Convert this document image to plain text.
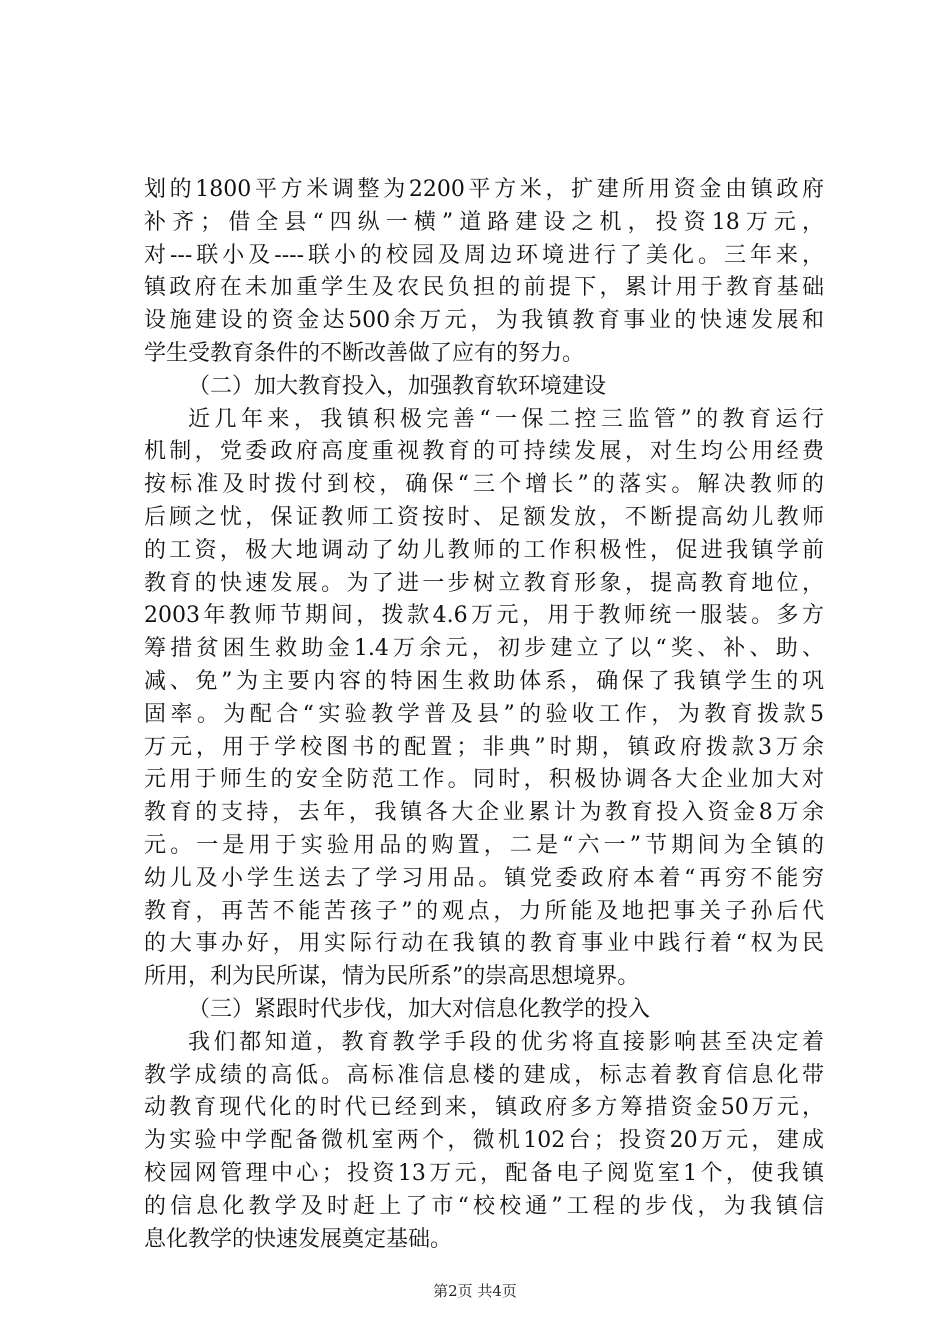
划的1800平方米调整为2200平方米，扩建所用资金由镇政府
补齐；借全县“四纵一横”道路建设之机，投资18万元，
对---联小及----联小的校园及周边环境进行了美化。三年来，
镇政府在未加重学生及农民负担的前提下，累计用于教育基础
设施建设的资金达500余万元，为我镇教育事业的快速发展和
学生受教育条件的不断改善做了应有的努力。
（二）加大教育投入，加强教育软环境建设
近几年来，我镇积极完善“一保二控三监管”的教育运行
机制，党委政府高度重视教育的可持续发展，对生均公用经费
按标准及时拨付到校，确保“三个增长”的落实。解决教师的
后顾之忧，保证教师工资按时、足额发放，不断提高幼儿教师
的工资，极大地调动了幼儿教师的工作积极性，促进我镇学前
教育的快速发展。为了进一步树立教育形象，提高教育地位，
2003年教师节期间，拨款4.6万元，用于教师统一服装。多方
筹措贫困生救助金1.4万余元，初步建立了以“奖、补、助、
减、免”为主要内容的特困生救助体系，确保了我镇学生的巩
固率。为配合“实验教学普及县”的验收工作，为教育拨款5
万元，用于学校图书的配置；非典”时期，镇政府拨款3万余
元用于师生的安全防范工作。同时，积极协调各大企业加大对
教育的支持，去年，我镇各大企业累计为教育投入资金8万余
元。一是用于实验用品的购置，二是“六一”节期间为全镇的
幼儿及小学生送去了学习用品。镇党委政府本着“再穷不能穷
教育，再苦不能苦孩子”的观点，力所能及地把事关子孙后代
的大事办好，用实际行动在我镇的教育事业中践行着“权为民
所用，利为民所谋，情为民所系”的崇高思想境界。
（三）紧跟时代步伐，加大对信息化教学的投入
我们都知道，教育教学手段的优劣将直接影响甚至决定着
教学成绩的高低。高标准信息楼的建成，标志着教育信息化带
动教育现代化的时代已经到来，镇政府多方筹措资金50万元，
为实验中学配备微机室两个，微机102台；投资20万元，建成
校园网管理中心；投资13万元，配备电子阅览室1个，使我镇
的信息化教学及时赶上了市“校校通”工程的步伐，为我镇信
息化教学的快速发展奠定基础。
第2页 共4页
